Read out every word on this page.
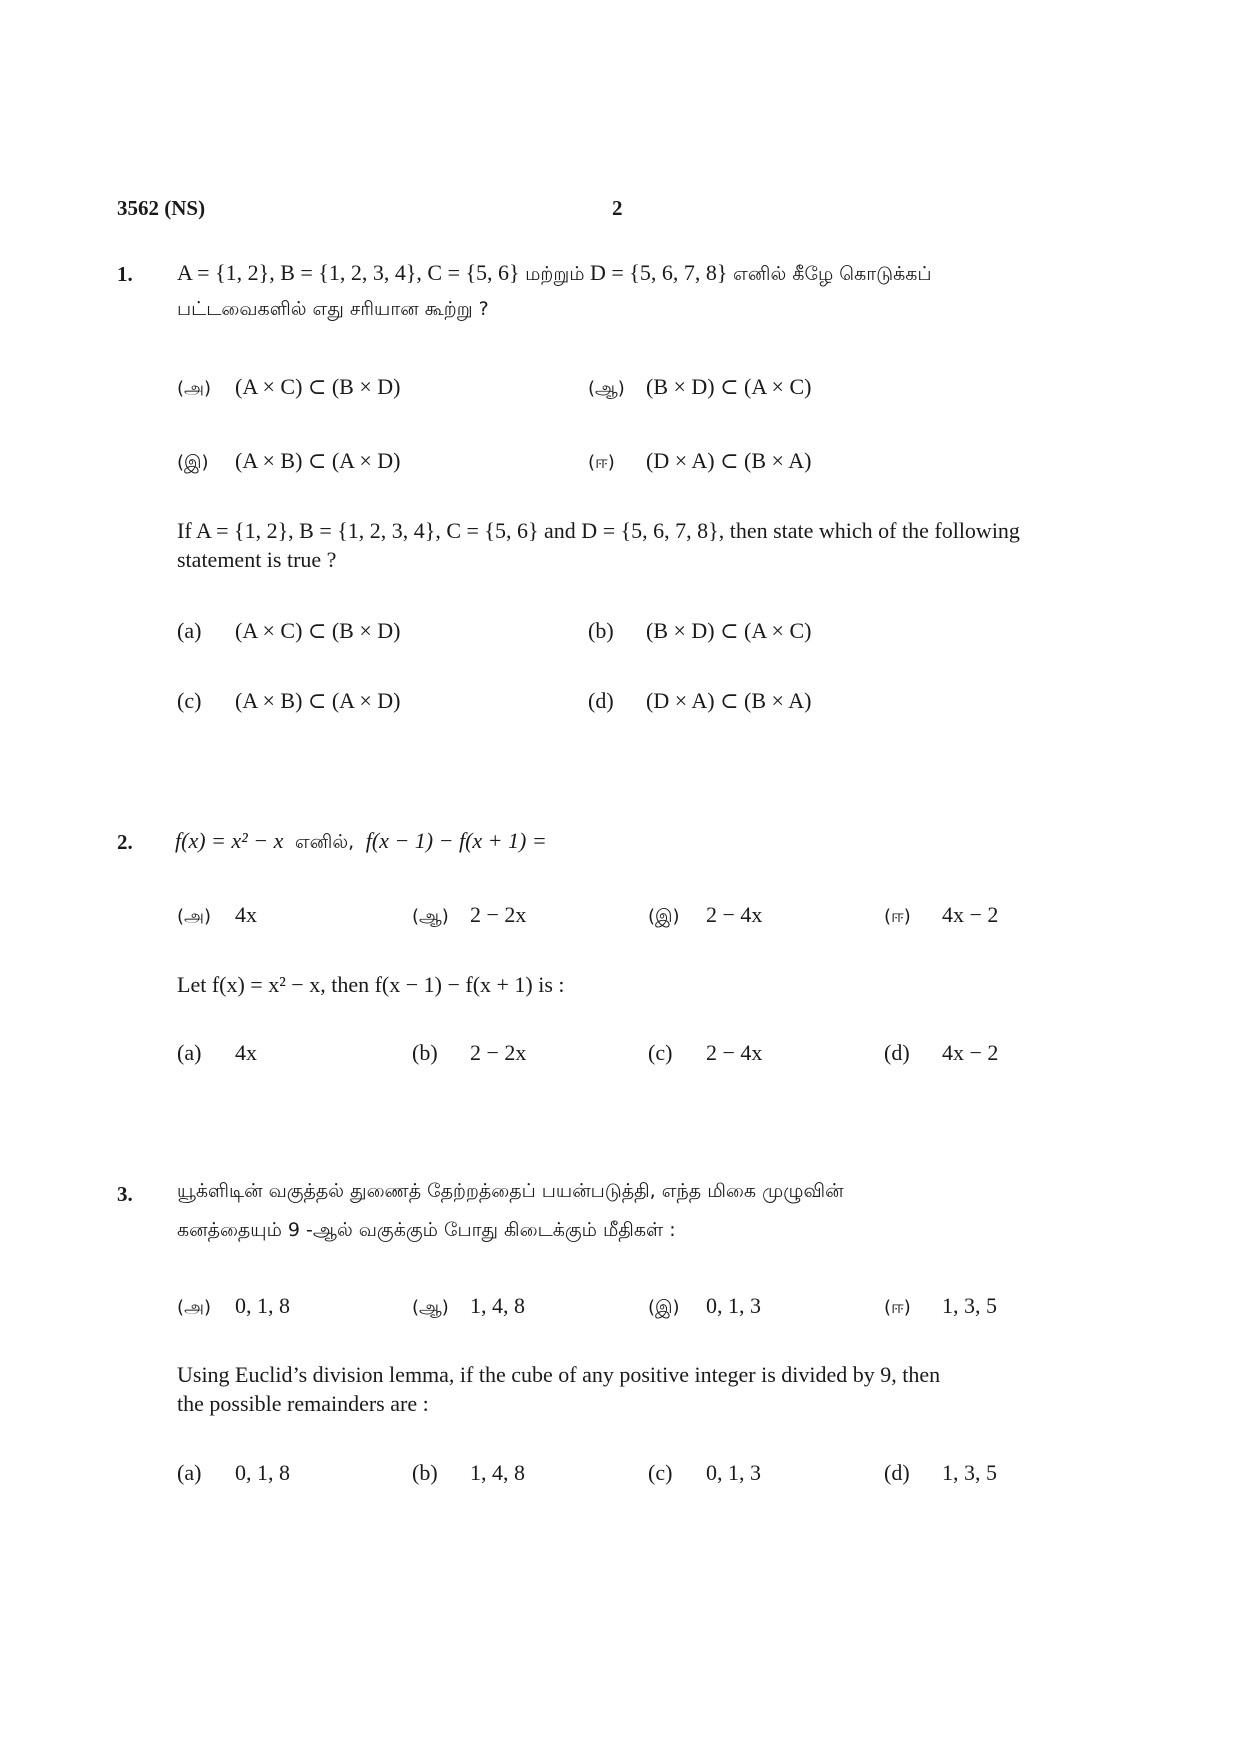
3562 (NS)	2
1. A = {1, 2}, B = {1, 2, 3, 4}, C = {5, 6} மற்றும் D = {5, 6, 7, 8} எனில் கீழே கொடுக்கப்
பட்டவைகளில் எது சரியான கூற்று ?
(அ)	(A × C) ⊂ (B × D)	(ஆ) (B × D) ⊂ (A × C)
(இ)	(A × B) ⊂ (A × D)	(ஈ)	(D × A) ⊂ (B × A)
If A = {1, 2}, B = {1, 2, 3, 4}, C = {5, 6} and D = {5, 6, 7, 8}, then state which of the following
statement is true ?
(a)	(A × C) ⊂ (B × D)	(b)	(B × D) ⊂ (A × C)
(c)	(A × B) ⊂ (A × D)	(d)	(D × A) ⊂ (B × A)
2. f(x) = x² − x எனில், f(x − 1) − f(x + 1) =
(அ)	4x	(ஆ) 2 − 2x	(இ)	2 − 4x	(ஈ)	4x − 2
Let f(x) = x² − x, then f(x − 1) − f(x + 1) is :
(a)	4x	(b)	2 − 2x	(c)	2 − 4x	(d)	4x − 2
3. யூக்ளிடின் வகுத்தல் துணைத் தேற்றத்தைப் பயன்படுத்தி, எந்த மிகை முழுவின்
கனத்தையும் 9 -ஆல் வகுக்கும் போது கிடைக்கும் மீதிகள் :
(அ)	0, 1, 8	(ஆ) 1, 4, 8	(இ)	0, 1, 3	(ஈ)	1, 3, 5
Using Euclid’s division lemma, if the cube of any positive integer is divided by 9, then
the possible remainders are :
(a)	0, 1, 8	(b)	1, 4, 8	(c)	0, 1, 3	(d)	1, 3, 5
